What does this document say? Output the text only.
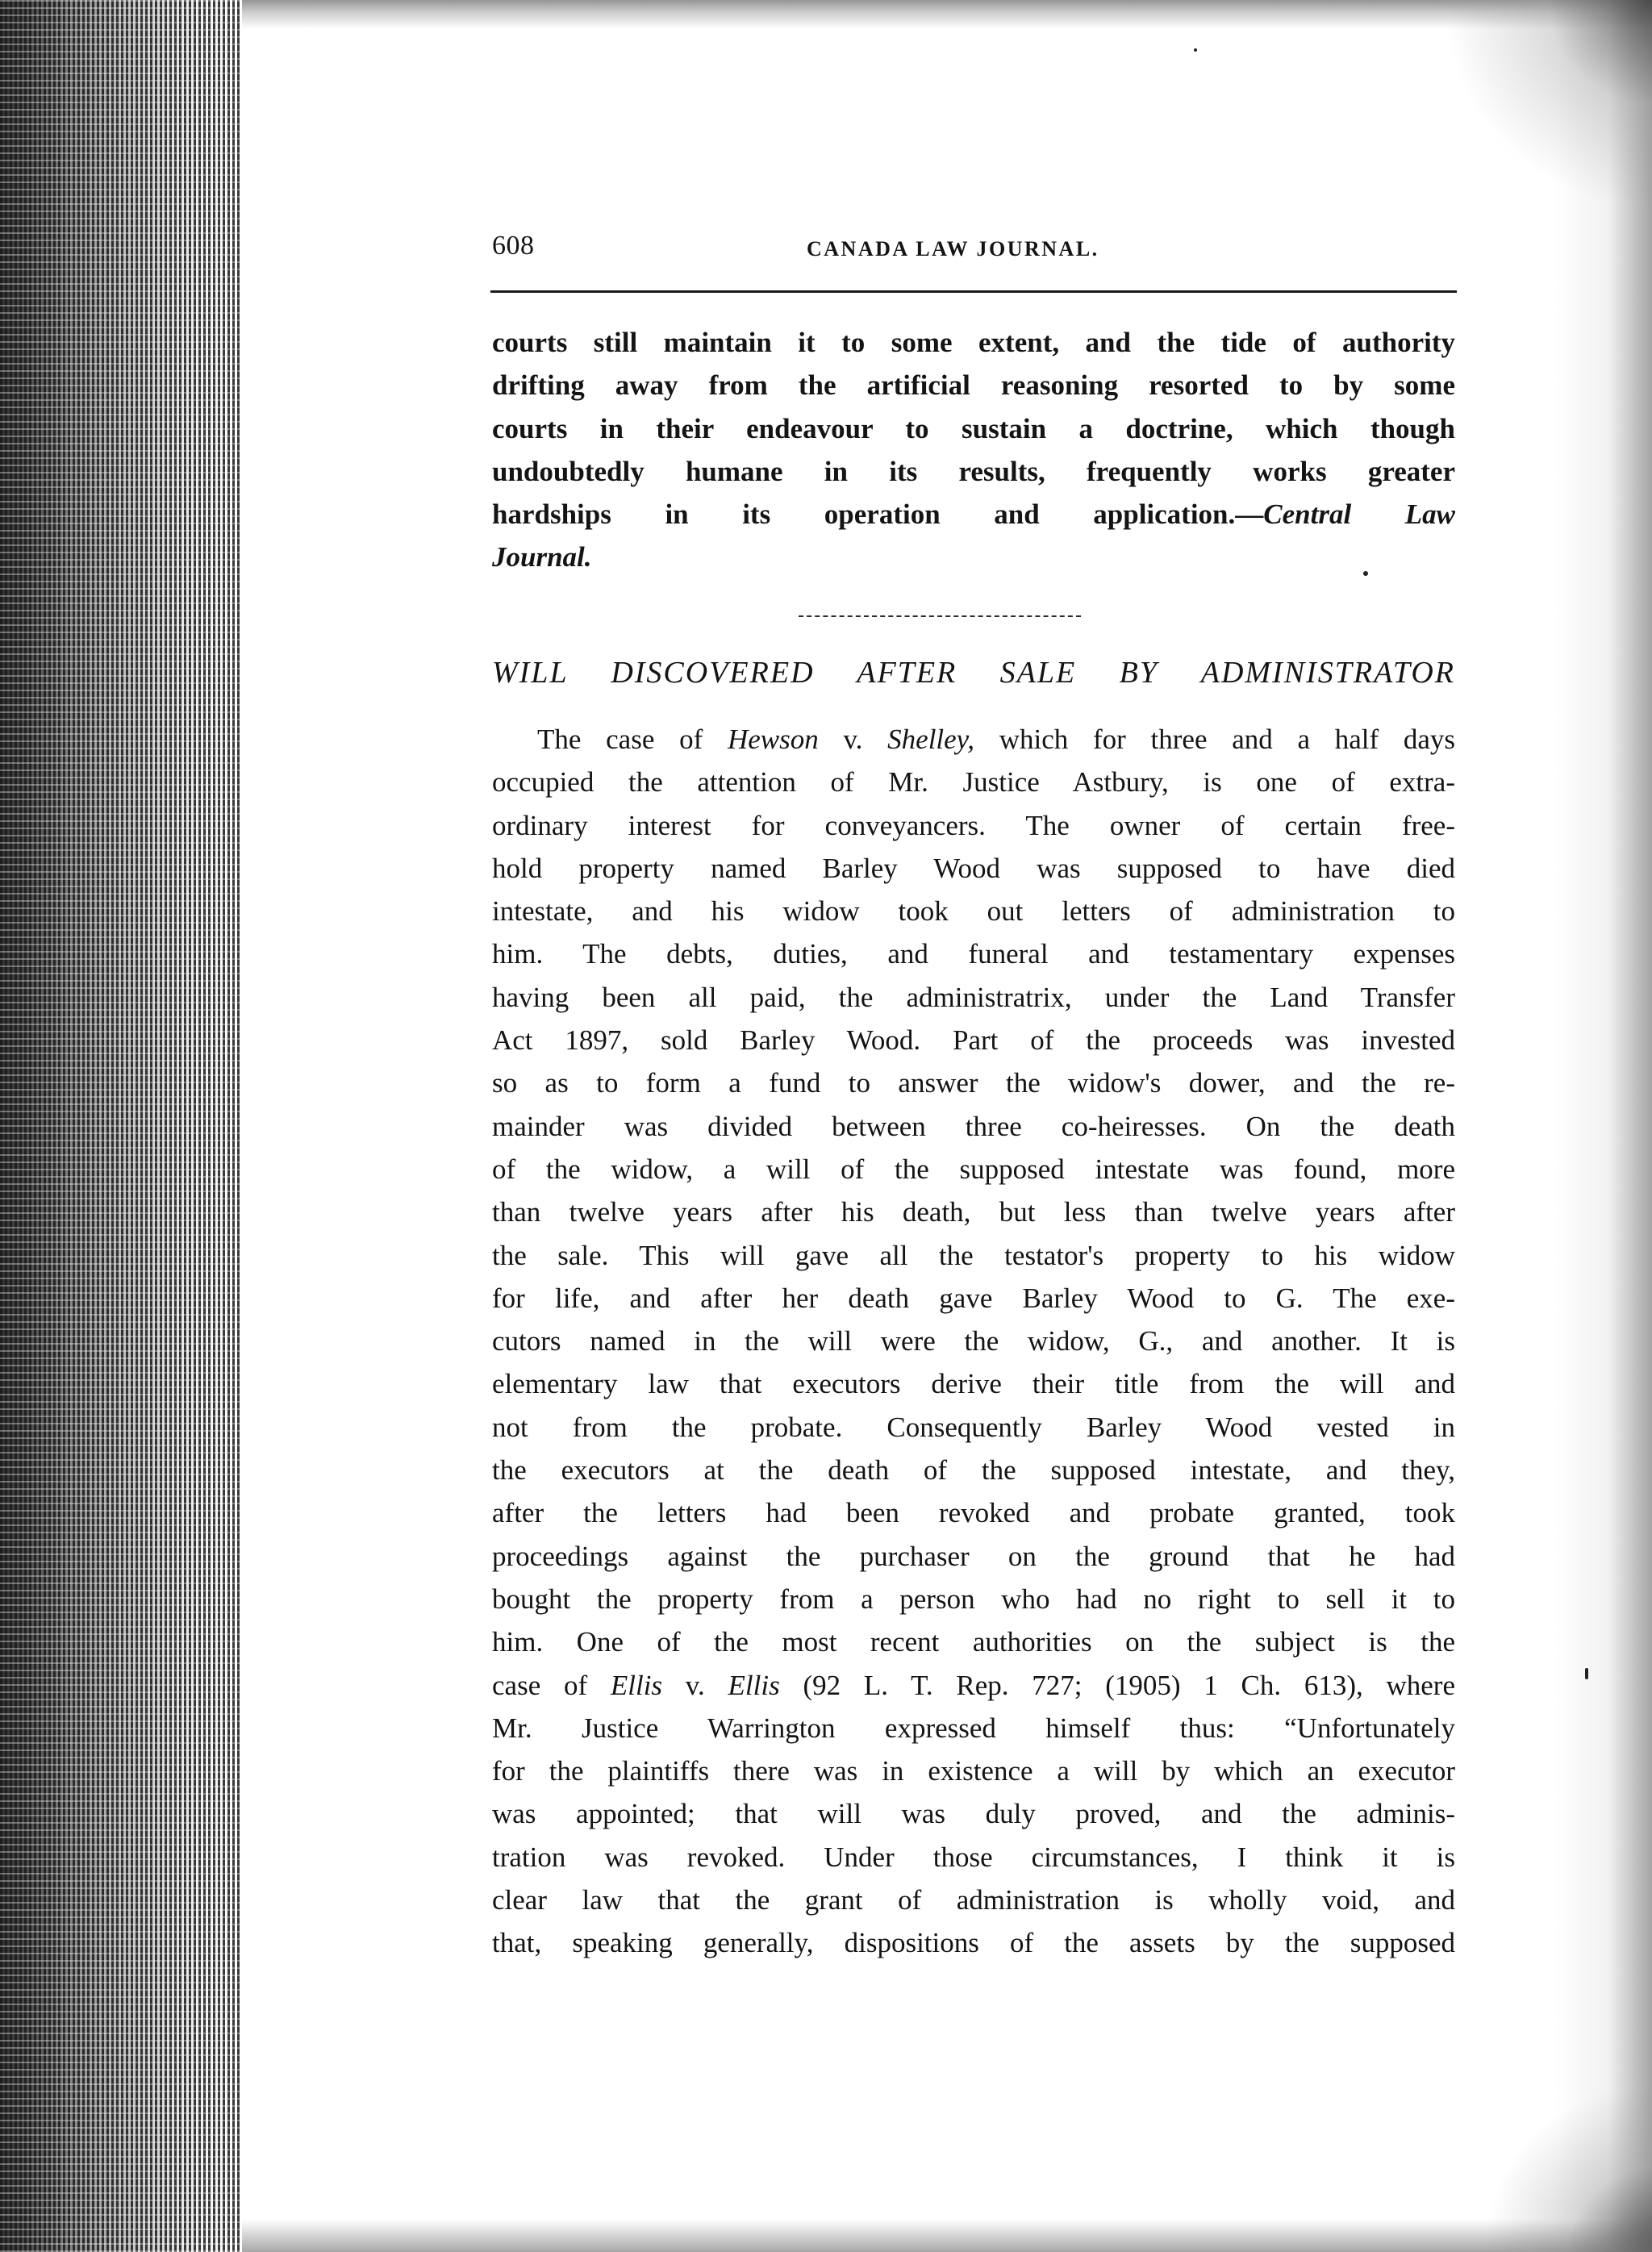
608	CANADA LAW JOURNAL.
courts still maintain it to some extent, and the tide of authority
drifting away from the artificial reasoning resorted to by some
courts in their endeavour to sustain a doctrine, which though
undoubtedly humane in its results, frequently works greater
hardships in its operation and application.—Central Law
Journal.
WILL DISCOVERED AFTER SALE BY ADMINISTRATOR
The case of Hewson v. Shelley, which for three and a half days
occupied the attention of Mr. Justice Astbury, is one of extra-
ordinary interest for conveyancers. The owner of certain free-
hold property named Barley Wood was supposed to have died
intestate, and his widow took out letters of administration to
him. The debts, duties, and funeral and testamentary expenses
having been all paid, the administratrix, under the Land Transfer
Act 1897, sold Barley Wood. Part of the proceeds was invested
so as to form a fund to answer the widow's dower, and the re-
mainder was divided between three co-heiresses. On the death
of the widow, a will of the supposed intestate was found, more
than twelve years after his death, but less than twelve years after
the sale. This will gave all the testator's property to his widow
for life, and after her death gave Barley Wood to G. The exe-
cutors named in the will were the widow, G., and another. It is
elementary law that executors derive their title from the will and
not from the probate. Consequently Barley Wood vested in
the executors at the death of the supposed intestate, and they,
after the letters had been revoked and probate granted, took
proceedings against the purchaser on the ground that he had
bought the property from a person who had no right to sell it to
him. One of the most recent authorities on the subject is the
case of Ellis v. Ellis (92 L. T. Rep. 727; (1905) 1 Ch. 613), where
Mr. Justice Warrington expressed himself thus: “Unfortunately
for the plaintiffs there was in existence a will by which an executor
was appointed; that will was duly proved, and the adminis-
tration was revoked. Under those circumstances, I think it is
clear law that the grant of administration is wholly void, and
that, speaking generally, dispositions of the assets by the supposed
